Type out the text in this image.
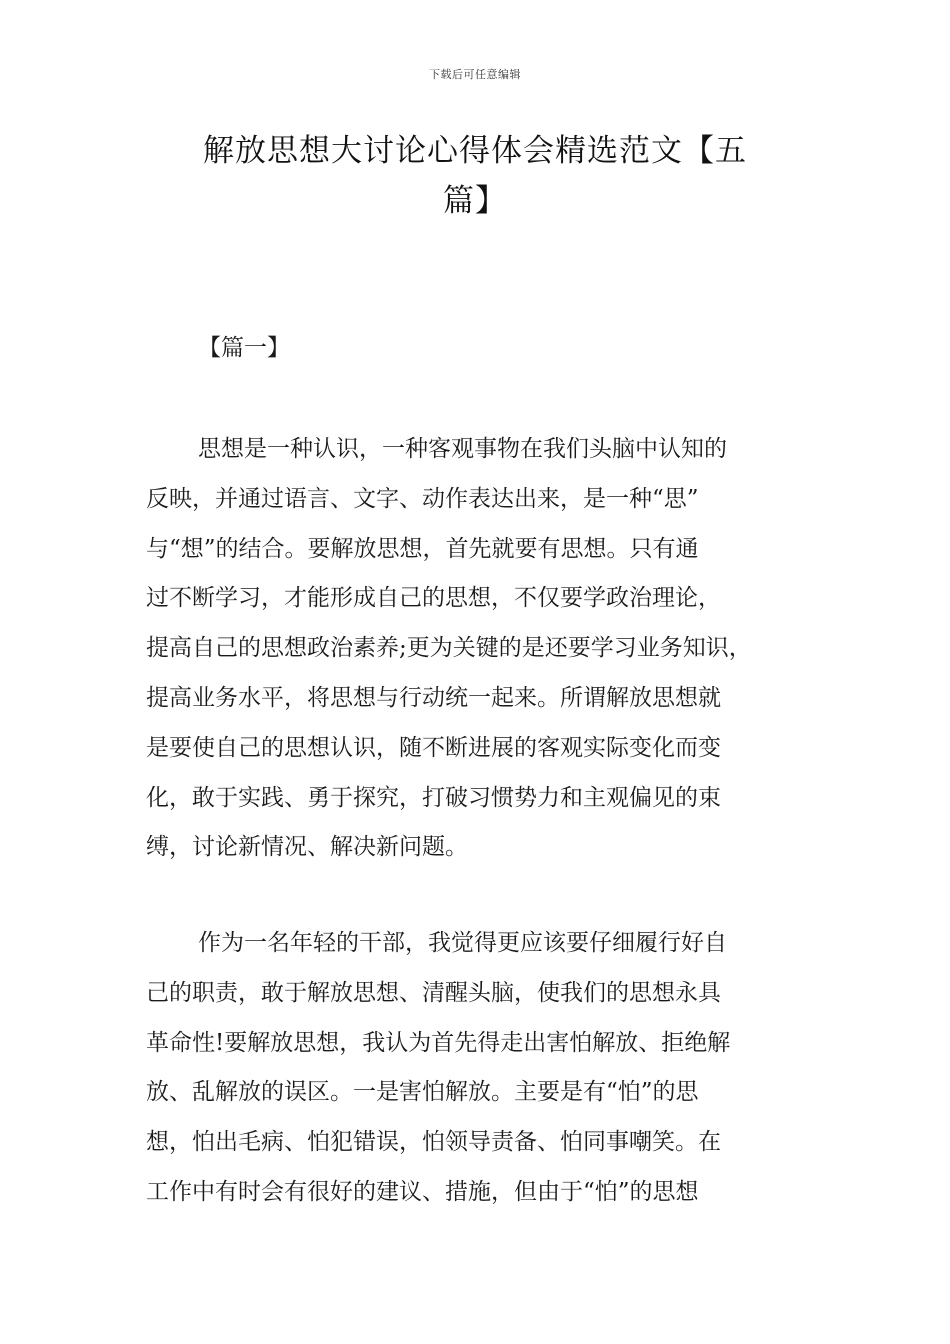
下载后可任意编辑
解放思想大讨论心得体会精选范文【五
篇】
【篇一】
思想是一种认识，一种客观事物在我们头脑中认知的
反映，并通过语言、文字、动作表达出来，是一种“思”
与“想”的结合。要解放思想，首先就要有思想。只有通
过不断学习，才能形成自己的思想，不仅要学政治理论，
提高自己的思想政治素养;更为关键的是还要学习业务知识，
提高业务水平，将思想与行动统一起来。所谓解放思想就
是要使自己的思想认识，随不断进展的客观实际变化而变
化，敢于实践、勇于探究，打破习惯势力和主观偏见的束
缚，讨论新情况、解决新问题。
作为一名年轻的干部，我觉得更应该要仔细履行好自
己的职责，敢于解放思想、清醒头脑，使我们的思想永具
革命性!要解放思想，我认为首先得走出害怕解放、拒绝解
放、乱解放的误区。一是害怕解放。主要是有“怕”的思
想，怕出毛病、怕犯错误，怕领导责备、怕同事嘲笑。在
工作中有时会有很好的建议、措施，但由于“怕”的思想
